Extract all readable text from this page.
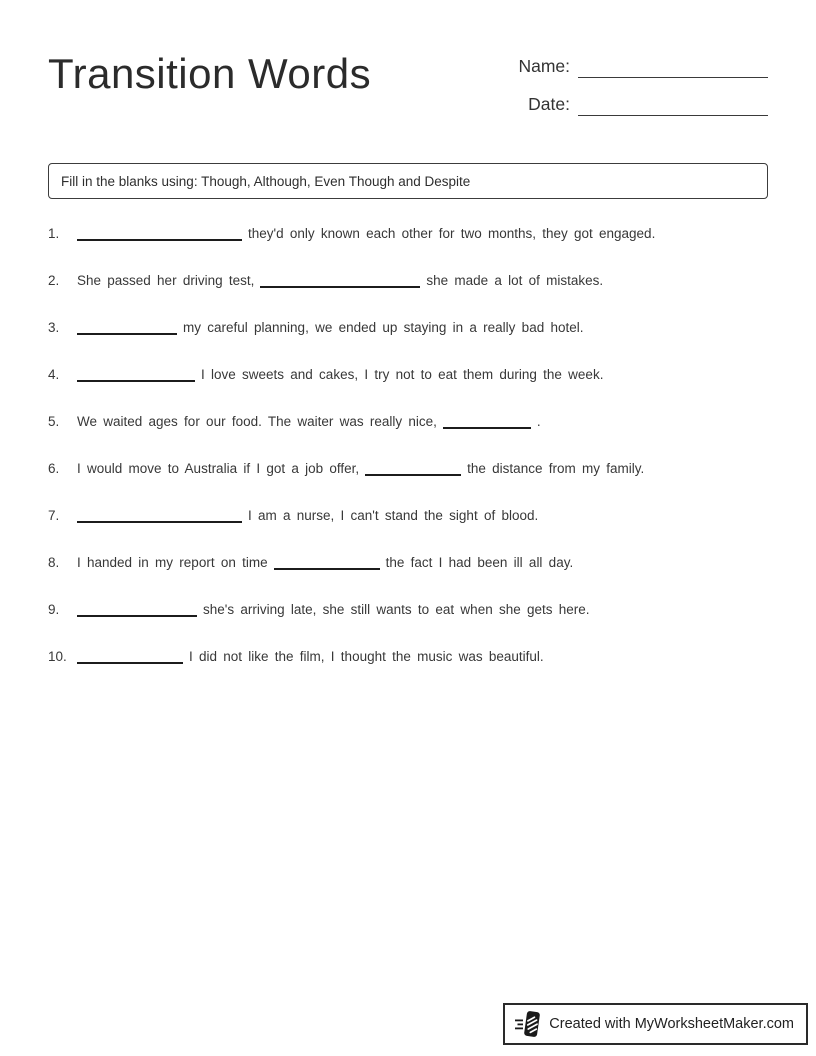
Transition Words	Name:
Date:
Fill in the blanks using: Though, Although, Even Though and Despite
1.	they'd only known each other for two months, they got engaged.
2.	She passed her driving test,	she made a lot of mistakes.
3.	my careful planning, we ended up staying in a really bad hotel.
4.	I love sweets and cakes, I try not to eat them during the week.
5.	We waited ages for our food. The waiter was really nice,	.
6.	I would move to Australia if I got a job offer,	the distance from my family.
7.	I am a nurse, I can't stand the sight of blood.
8.	I handed in my report on time	the fact I had been ill all day.
9.	she's arriving late, she still wants to eat when she gets here.
10.	I did not like the film, I thought the music was beautiful.
Created with MyWorksheetMaker.com
